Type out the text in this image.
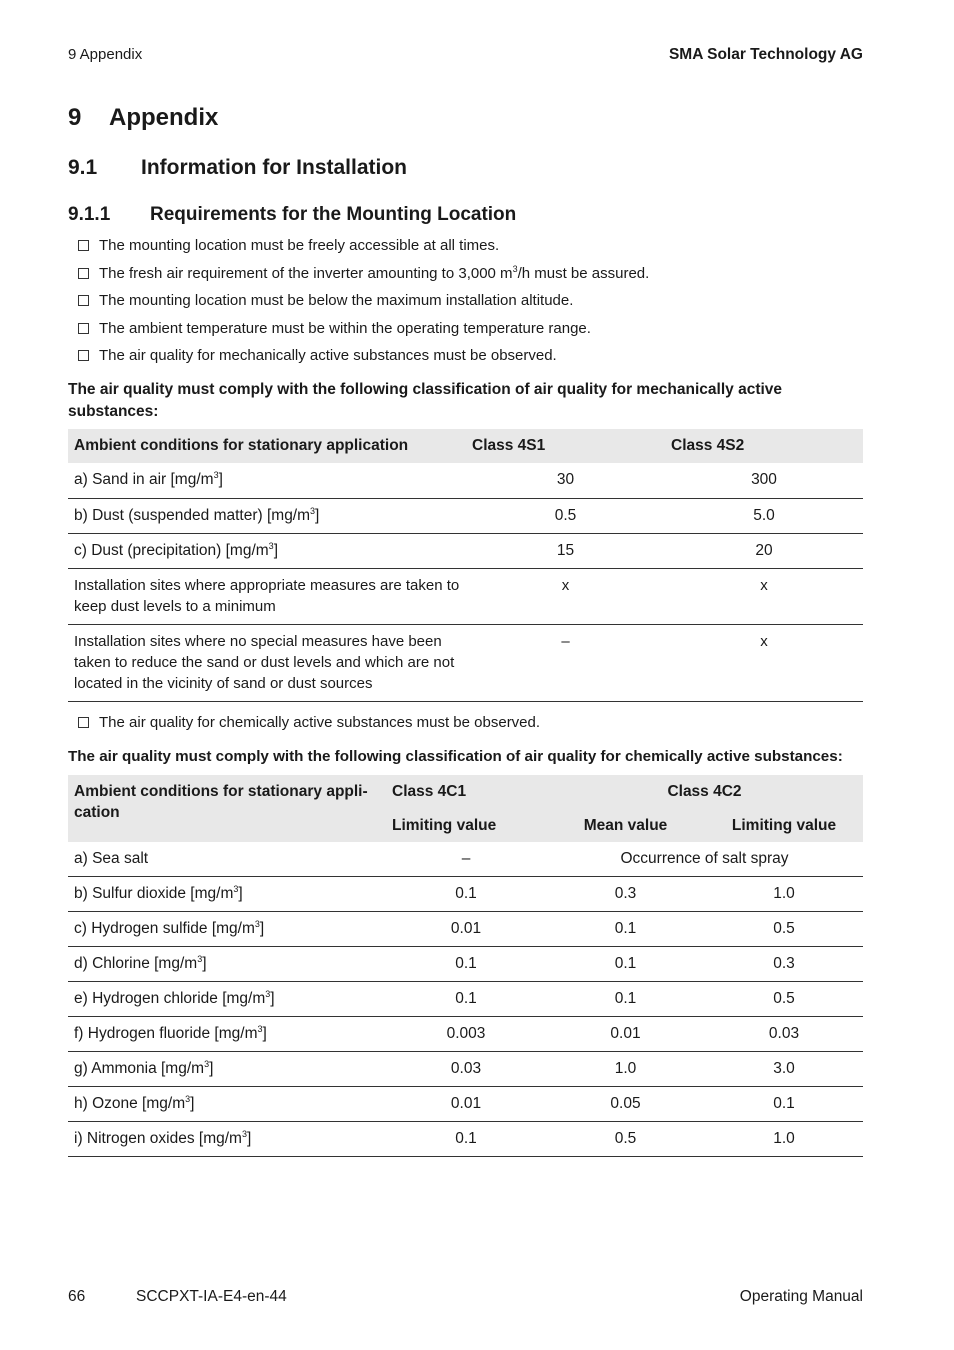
9 Appendix	SMA Solar Technology AG
9 Appendix
9.1 Information for Installation
9.1.1 Requirements for the Mounting Location
The mounting location must be freely accessible at all times.
The fresh air requirement of the inverter amounting to 3,000 $m^3/h$ must be assured.
The mounting location must be below the maximum installation altitude.
The ambient temperature must be within the operating temperature range.
The air quality for mechanically active substances must be observed.
The air quality must comply with the following classification of air quality for mechanically active substances:
Ambient conditions for stationary application	Class 4S1	Class 4S2
a) Sand in air $[mg/m^3]$	30	300
b) Dust (suspended matter) $[mg/m^3]$	0.5	5.0
c) Dust (precipitation) $[mg/m^3]$	15	20
Installation sites where appropriate measures are taken to keep dust levels to a minimum	x	x
Installation sites where no special measures have been taken to reduce the sand or dust levels and which are not located in the vicinity of sand or dust sources	–	x
The air quality for chemically active substances must be observed.
The air quality must comply with the following classification of air quality for chemically active substances:
Ambient conditions for stationary appli-cation	Class 4C1	Class 4C2	
	Limiting value	Mean value	Limiting value
a) Sea salt	–	Occurrence of salt spray	
b) Sulfur dioxide $[mg/m^3]$	0.1	0.3	1.0
c) Hydrogen sulfide $[mg/m^3]$	0.01	0.1	0.5
d) Chlorine $[mg/m^3]$	0.1	0.1	0.3
e) Hydrogen chloride $[mg/m^3]$	0.1	0.1	0.5
f) Hydrogen fluoride $[mg/m^3]$	0.003	0.01	0.03
g) Ammonia $[mg/m^3]$	0.03	1.0	3.0
h) Ozone $[mg/m^3]$	0.01	0.05	0.1
i) Nitrogen oxides $[mg/m^3]$	0.1	0.5	1.0
66	SCCPXT-IA-E4-en-44	Operating Manual
